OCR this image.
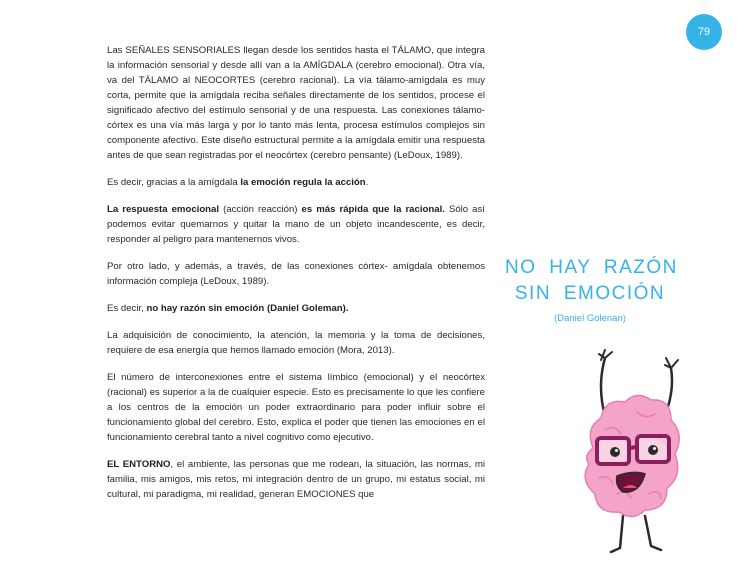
79

Las SEÑALES SENSORIALES llegan desde los sentidos hasta el TÁLAMO, que integra la información sensorial y desde allí van a la AMÍGDALA (cerebro emocional). Otra vía, va del TÁLAMO al NEOCORTES (cerebro racional). La vía tálamo-amígdala es muy corta, permite que la amígdala reciba señales directamente de los sentidos, procese el significado afectivo del estímulo sensorial y de una respuesta. Las conexiones tálamo-córtex es una vía más larga y por lo tanto más lenta, procesa estímulos complejos sin componente afectivo. Este diseño estructural permite a la amígdala emitir una respuesta antes de que sean registradas por el neocórtex (cerebro pensante) (LeDoux, 1989).

Es decir, gracias a la amígdala la emoción regula la acción.

La respuesta emocional (acción reacción) es más rápida que la racional. Sólo así podemos evitar quemarnos y quitar la mano de un objeto incandescente, es decir, responder al peligro para mantenernos vivos.

Por otro lado, y además, a través, de las conexiones córtex- amígdala obtenemos información compleja (LeDoux, 1989).

Es decir, no hay razón sin emoción (Daniel Goleman).

La adquisición de conocimiento, la atención, la memoria y la toma de decisiones, requiere de esa energía que hemos llamado emoción (Mora, 2013).

El número de interconexiones entre el sistema límbico (emocional) y el neocórtex (racional) es superior a la de cualquier especie. Esto es precisamente lo que les confiere a los centros de la emoción un poder extraordinario para poder influir sobre el funcionamiento global del cerebro. Esto, explica el poder que tienen las emociones en el funcionamiento cerebral tanto a nivel cognitivo como ejecutivo.

EL ENTORNO, el ambiente, las personas que me rodean, la situación, las normas, mi familia, mis amigos, mis retos, mi integración dentro de un grupo, mi estatus social, mi cultural, mi paradigma, mi realidad, generan EMOCIONES que

NO HAY RAZÓN
SIN EMOCIÓN
(Daniel Golenan)
